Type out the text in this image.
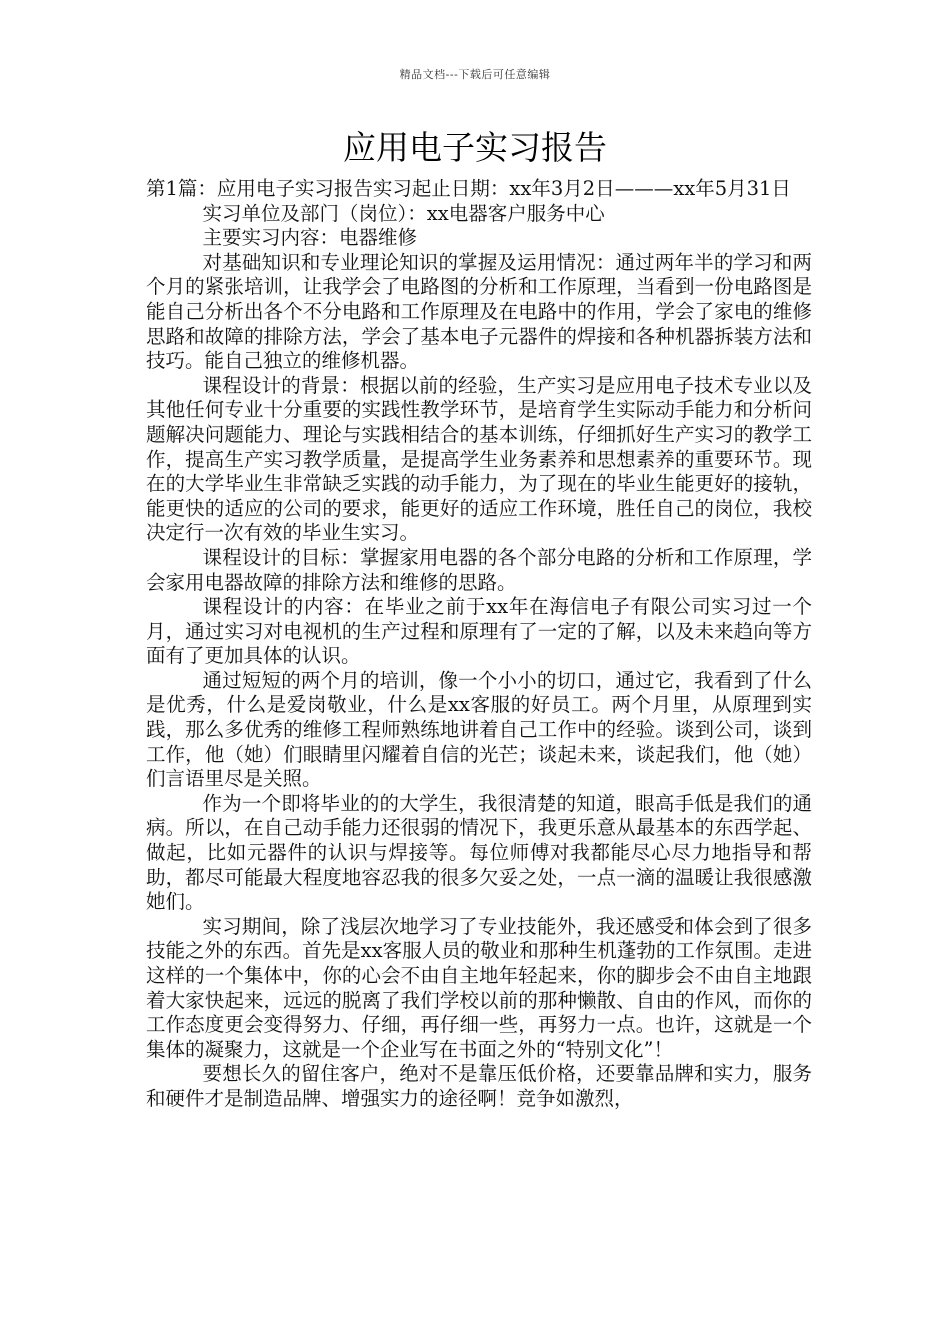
精品文档---下载后可任意编辑
应用电子实习报告

第1篇：应用电子实习报告实习起止日期：xx年3月2日———xx年5月31日

实习单位及部门（岗位）：xx电器客户服务中心

主要实习内容：电器维修

对基础知识和专业理论知识的掌握及运用情况：通过两年半的学习和两个月的紧张培训，让我学会了电路图的分析和工作原理，当看到一份电路图是能自己分析出各个不分电路和工作原理及在电路中的作用，学会了家电的维修思路和故障的排除方法，学会了基本电子元器件的焊接和各种机器拆装方法和技巧。能自己独立的维修机器。

课程设计的背景：根据以前的经验，生产实习是应用电子技术专业以及其他任何专业十分重要的实践性教学环节，是培育学生实际动手能力和分析问题解决问题能力、理论与实践相结合的基本训练，仔细抓好生产实习的教学工作，提高生产实习教学质量，是提高学生业务素养和思想素养的重要环节。现在的大学毕业生非常缺乏实践的动手能力，为了现在的毕业生能更好的接轨，能更快的适应的公司的要求，能更好的适应工作环境，胜任自己的岗位，我校决定行一次有效的毕业生实习。

课程设计的目标：掌握家用电器的各个部分电路的分析和工作原理，学会家用电器故障的排除方法和维修的思路。

课程设计的内容：在毕业之前于xx年在海信电子有限公司实习过一个月，通过实习对电视机的生产过程和原理有了一定的了解，以及未来趋向等方面有了更加具体的认识。

通过短短的两个月的培训，像一个小小的切口，通过它，我看到了什么是优秀，什么是爱岗敬业，什么是xx客服的好员工。两个月里，从原理到实践，那么多优秀的维修工程师熟练地讲着自己工作中的经验。谈到公司，谈到工作，他（她）们眼睛里闪耀着自信的光芒；谈起未来，谈起我们，他（她）们言语里尽是关照。

作为一个即将毕业的的大学生，我很清楚的知道，眼高手低是我们的通病。所以，在自己动手能力还很弱的情况下，我更乐意从最基本的东西学起、做起，比如元器件的认识与焊接等。每位师傅对我都能尽心尽力地指导和帮助，都尽可能最大程度地容忍我的很多欠妥之处，一点一滴的温暖让我很感激她们。

实习期间，除了浅层次地学习了专业技能外，我还感受和体会到了很多技能之外的东西。首先是xx客服人员的敬业和那种生机蓬勃的工作氛围。走进这样的一个集体中，你的心会不由自主地年轻起来，你的脚步会不由自主地跟着大家快起来，远远的脱离了我们学校以前的那种懒散、自由的作风，而你的工作态度更会变得努力、仔细，再仔细一些，再努力一点。也许，这就是一个集体的凝聚力，这就是一个企业写在书面之外的“特别文化”！

要想长久的留住客户，绝对不是靠压低价格，还要靠品牌和实力，服务和硬件才是制造品牌、增强实力的途径啊！竞争如激烈，
